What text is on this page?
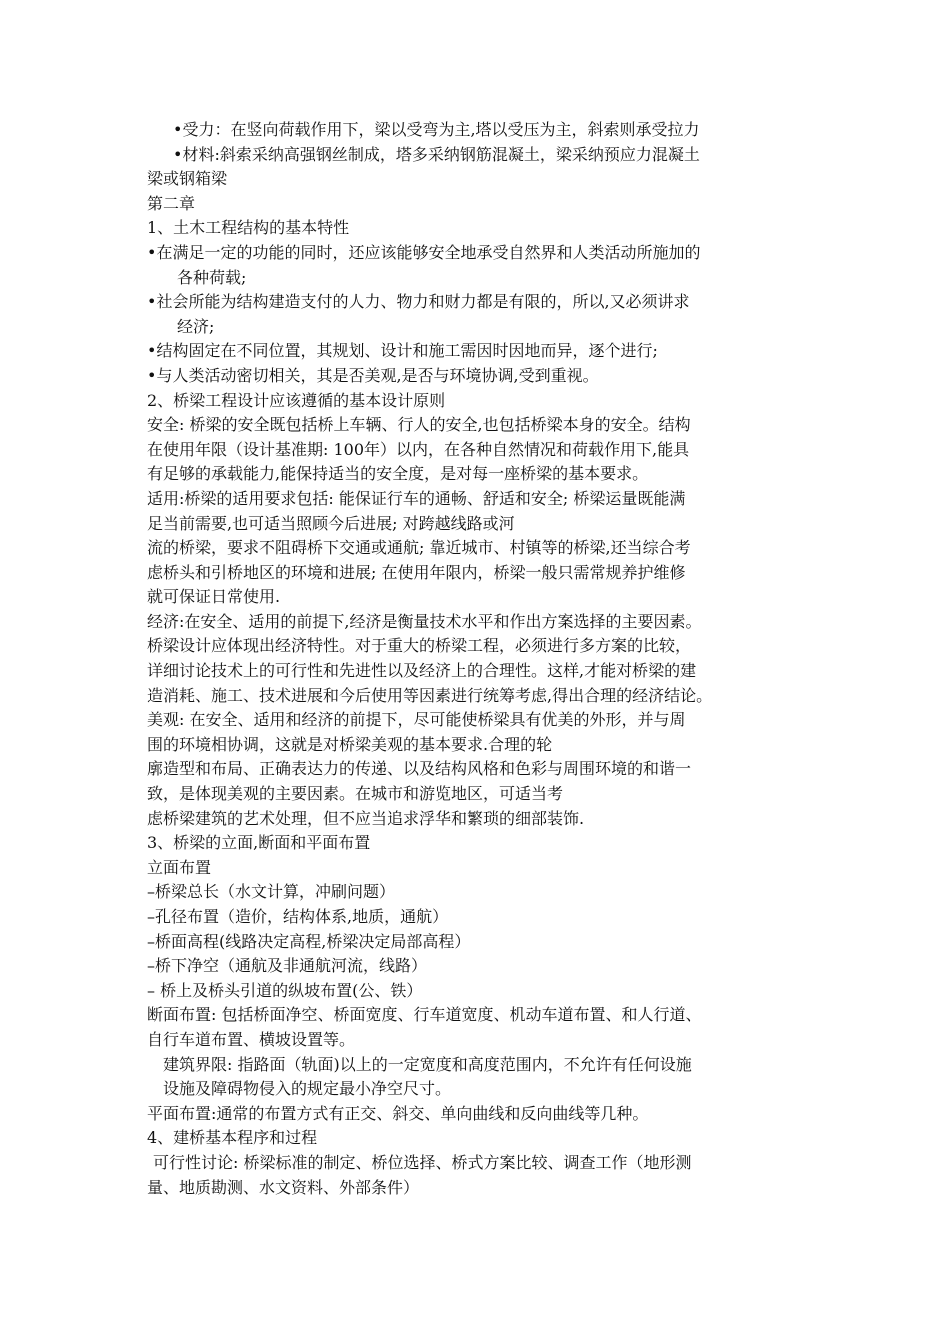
•受力：在竖向荷载作用下，梁以受弯为主,塔以受压为主，斜索则承受拉力
•材料:斜索采纳高强钢丝制成，塔多采纳钢筋混凝土，梁采纳预应力混凝土
梁或钢箱梁
第二章
1、土木工程结构的基本特性
•在满足一定的功能的同时，还应该能够安全地承受自然界和人类活动所施加的
各种荷载;
•社会所能为结构建造支付的人力、物力和财力都是有限的，所以,又必须讲求
经济;
•结构固定在不同位置，其规划、设计和施工需因时因地而异，逐个进行;
•与人类活动密切相关，其是否美观,是否与环境协调,受到重视。
2、桥梁工程设计应该遵循的基本设计原则
安全: 桥梁的安全既包括桥上车辆、行人的安全,也包括桥梁本身的安全。结构
在使用年限（设计基准期: 100年）以内，在各种自然情况和荷载作用下,能具
有足够的承载能力,能保持适当的安全度，是对每一座桥梁的基本要求。
适用:桥梁的适用要求包括: 能保证行车的通畅、舒适和安全; 桥梁运量既能满
足当前需要,也可适当照顾今后进展; 对跨越线路或河
流的桥梁，要求不阻碍桥下交通或通航; 靠近城市、村镇等的桥梁,还当综合考
虑桥头和引桥地区的环境和进展; 在使用年限内，桥梁一般只需常规养护维修
就可保证日常使用.
经济:在安全、适用的前提下,经济是衡量技术水平和作出方案选择的主要因素。
桥梁设计应体现出经济特性。对于重大的桥梁工程，必须进行多方案的比较，
详细讨论技术上的可行性和先进性以及经济上的合理性。这样,才能对桥梁的建
造消耗、施工、技术进展和今后使用等因素进行统筹考虑,得出合理的经济结论。
美观: 在安全、适用和经济的前提下，尽可能使桥梁具有优美的外形，并与周
围的环境相协调，这就是对桥梁美观的基本要求.合理的轮
廓造型和布局、正确表达力的传递、以及结构风格和色彩与周围环境的和谐一
致，是体现美观的主要因素。在城市和游览地区，可适当考
虑桥梁建筑的艺术处理，但不应当追求浮华和繁琐的细部装饰.
3、桥梁的立面,断面和平面布置
立面布置
–桥梁总长（水文计算，冲刷问题）
–孔径布置（造价，结构体系,地质，通航）
–桥面高程(线路决定高程,桥梁决定局部高程）
–桥下净空（通航及非通航河流，线路）
– 桥上及桥头引道的纵坡布置(公、铁）
断面布置: 包括桥面净空、桥面宽度、行车道宽度、机动车道布置、和人行道、
自行车道布置、横坡设置等。
建筑界限: 指路面（轨面)以上的一定宽度和高度范围内，不允许有任何设施
设施及障碍物侵入的规定最小净空尺寸。
平面布置:通常的布置方式有正交、斜交、单向曲线和反向曲线等几种。
4、建桥基本程序和过程
可行性讨论: 桥梁标准的制定、桥位选择、桥式方案比较、调查工作（地形测
量、地质勘测、水文资料、外部条件）
